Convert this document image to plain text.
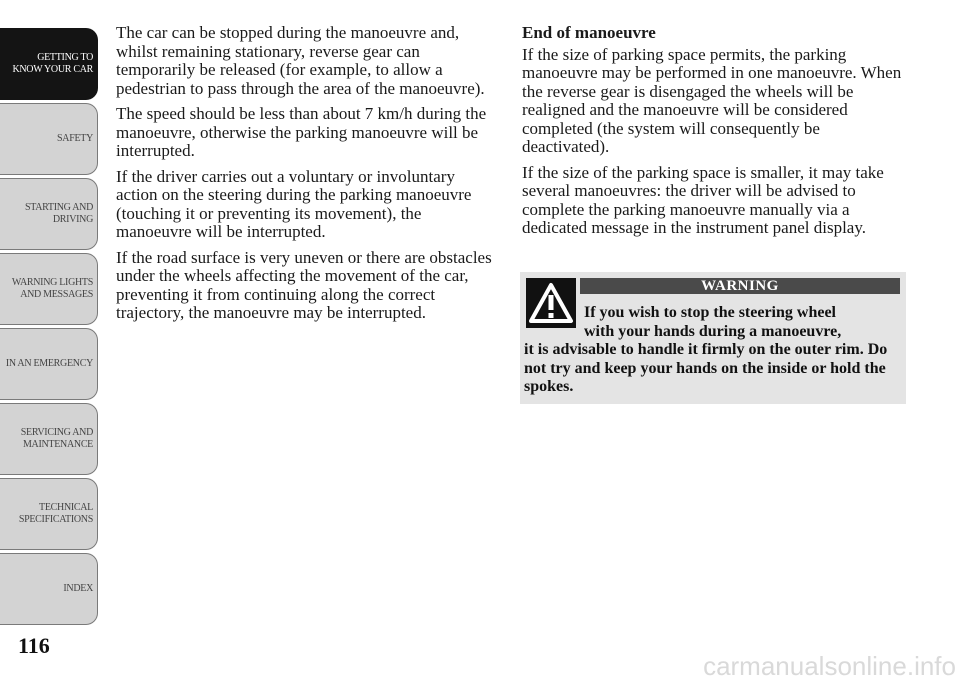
GETTING TO
KNOW YOUR CAR
SAFETY
STARTING AND
DRIVING
WARNING LIGHTS
AND MESSAGES
IN AN EMERGENCY
SERVICING AND
MAINTENANCE
TECHNICAL
SPECIFICATIONS
INDEX
116

The car can be stopped during the manoeuvre and, whilst remaining stationary, reverse gear can temporarily be released (for example, to allow a pedestrian to pass through the area of the manoeuvre).

The speed should be less than about 7 km/h during the manoeuvre, otherwise the parking manoeuvre will be interrupted.

If the driver carries out a voluntary or involuntary action on the steering during the parking manoeuvre (touching it or preventing its movement), the manoeuvre will be interrupted.

If the road surface is very uneven or there are obstacles under the wheels affecting the movement of the car, preventing it from continuing along the correct trajectory, the manoeuvre may be interrupted.

End of manoeuvre

If the size of parking space permits, the parking manoeuvre may be performed in one manoeuvre. When the reverse gear is disengaged the wheels will be realigned and the manoeuvre will be considered completed (the system will consequently be deactivated).

If the size of the parking space is smaller, it may take several manoeuvres: the driver will be advised to complete the parking manoeuvre manually via a dedicated message in the instrument panel display.

WARNING
If you wish to stop the steering wheel
with your hands during a manoeuvre,
it is advisable to handle it firmly on the outer rim. Do not try and keep your hands on the inside or hold the spokes.
carmanualsonline.info
